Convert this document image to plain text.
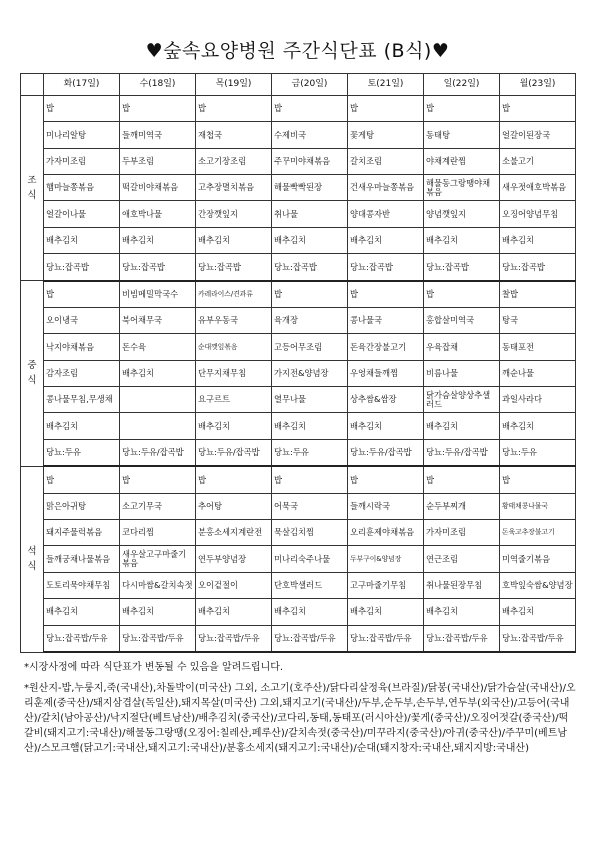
♥숲속요양병원 주간식단표 (B식)♥
	화(17일)	수(18일)	목(19일)	금(20일)	토(21일)	일(22일)	월(23일)
조
식	밥	밥	밥	밥	밥	밥	밥
	미나리알탕	들깨미역국	재첩국	수제비국	꽃게탕	동태탕	얼갈이된장국
	가자미조림	두부조림	소고기장조림	주꾸미야채볶음	갈치조림	야채계란찜	소불고기
	햄마늘쫑볶음	떡갈비야채볶음	고추장멸치볶음	해물빡빡된장	건새우마늘쫑볶음	해물동그랑땡야채볶음	새우젓애호박볶음
	얼갈이나물	애호박나물	간장깻잎지	취나물	양대콩자반	양념깻잎지	오징어양념무침
	배추김치	배추김치	배추김치	배추김치	배추김치	배추김치	배추김치
	당뇨:잡곡밥	당뇨:잡곡밥	당뇨:잡곡밥	당뇨:잡곡밥	당뇨:잡곡밥	당뇨:잡곡밥	당뇨:잡곡밥
중
식	밥	비빔메밀막국수	카레라이스/견과류	밥	밥	밥	찰밥
	오이냉국	북어채무국	유부우동국	육개장	콩나물국	홍합살미역국	탕국
	낙지야채볶음	돈수육	순대깻잎볶음	고등어무조림	돈육간장불고기	우육잡채	동태포전
	감자조림	배추김치	단무지채무침	가지전&양념장	우엉채들깨찜	비름나물	깨순나물
	콩나물무침,무생채		요구르트	열무나물	상추쌈&쌈장	닭가슴살양상추샐러드	과일사라다
	배추김치		배추김치	배추김치	배추김치	배추김치	배추김치
	당뇨:두유	당뇨:두유/잡곡밥	당뇨:두유/잡곡밥	당뇨:두유	당뇨:두유/잡곡밥	당뇨:두유/잡곡밥	당뇨:두유
석
식	밥	밥	밥	밥	밥	밥	밥
	맑은아귀탕	소고기무국	추어탕	어묵국	들깨시락국	순두부찌개	황태채콩나물국
	돼지주물럭볶음	코다리찜	분홍소세지계란전	묵살김치찜	오리훈제야채볶음	가자미조림	돈육고추장불고기
	들깨궁채나물볶음	새우살고구마줄기볶음	연두부양념장	미나리숙주나물	두부구이&양념장	연근조림	미역줄기볶음
	도토리묵야채무침	다시마쌈&갈치속젓	오이겉절이	단호박샐러드	고구마줄기무침	취나물된장무침	호박잎숙쌈&양념장
	배추김치	배추김치	배추김치	배추김치	배추김치	배추김치	배추김치
	당뇨:잡곡밥/두유	당뇨:잡곡밥/두유	당뇨:잡곡밥/두유	당뇨:잡곡밥/두유	당뇨:잡곡밥/두유	당뇨:잡곡밥/두유	당뇨:잡곡밥/두유

*시장사정에 따라 식단표가 변동될 수 있음을 알려드립니다.

*원산지-밥,누룽지,죽(국내산),차돌박이(미국산) 그외, 소고기(호주산)/닭다리살정육(브라질)/닭봉(국내산)/닭가슴살(국내산)/오리훈제(중국산)/돼지삼겹살(독일산),돼지목살(미국산) 그외,돼지고기(국내산)/두부,순두부,손두부,연두부(외국산)/고등어(국내산)/갈치(남아공산)/낙지절단(베트남산)/배추김치(중국산)/코다리,동태,동태포(러시아산)/꽃게(중국산)/오징어젓갈(중국산)/떡갈비(돼지고기:국내산)/해물동그랑땡(오징어:칠레산,페루산)/갈치속젓(중국산)/미꾸라지(중국산)/아귀(중국산)/주꾸미(베트남산)/스모크햄(닭고기:국내산,돼지고기:국내산)/분홍소세지(돼지고기:국내산)/순대(돼지창자:국내산,돼지지방:국내산)
